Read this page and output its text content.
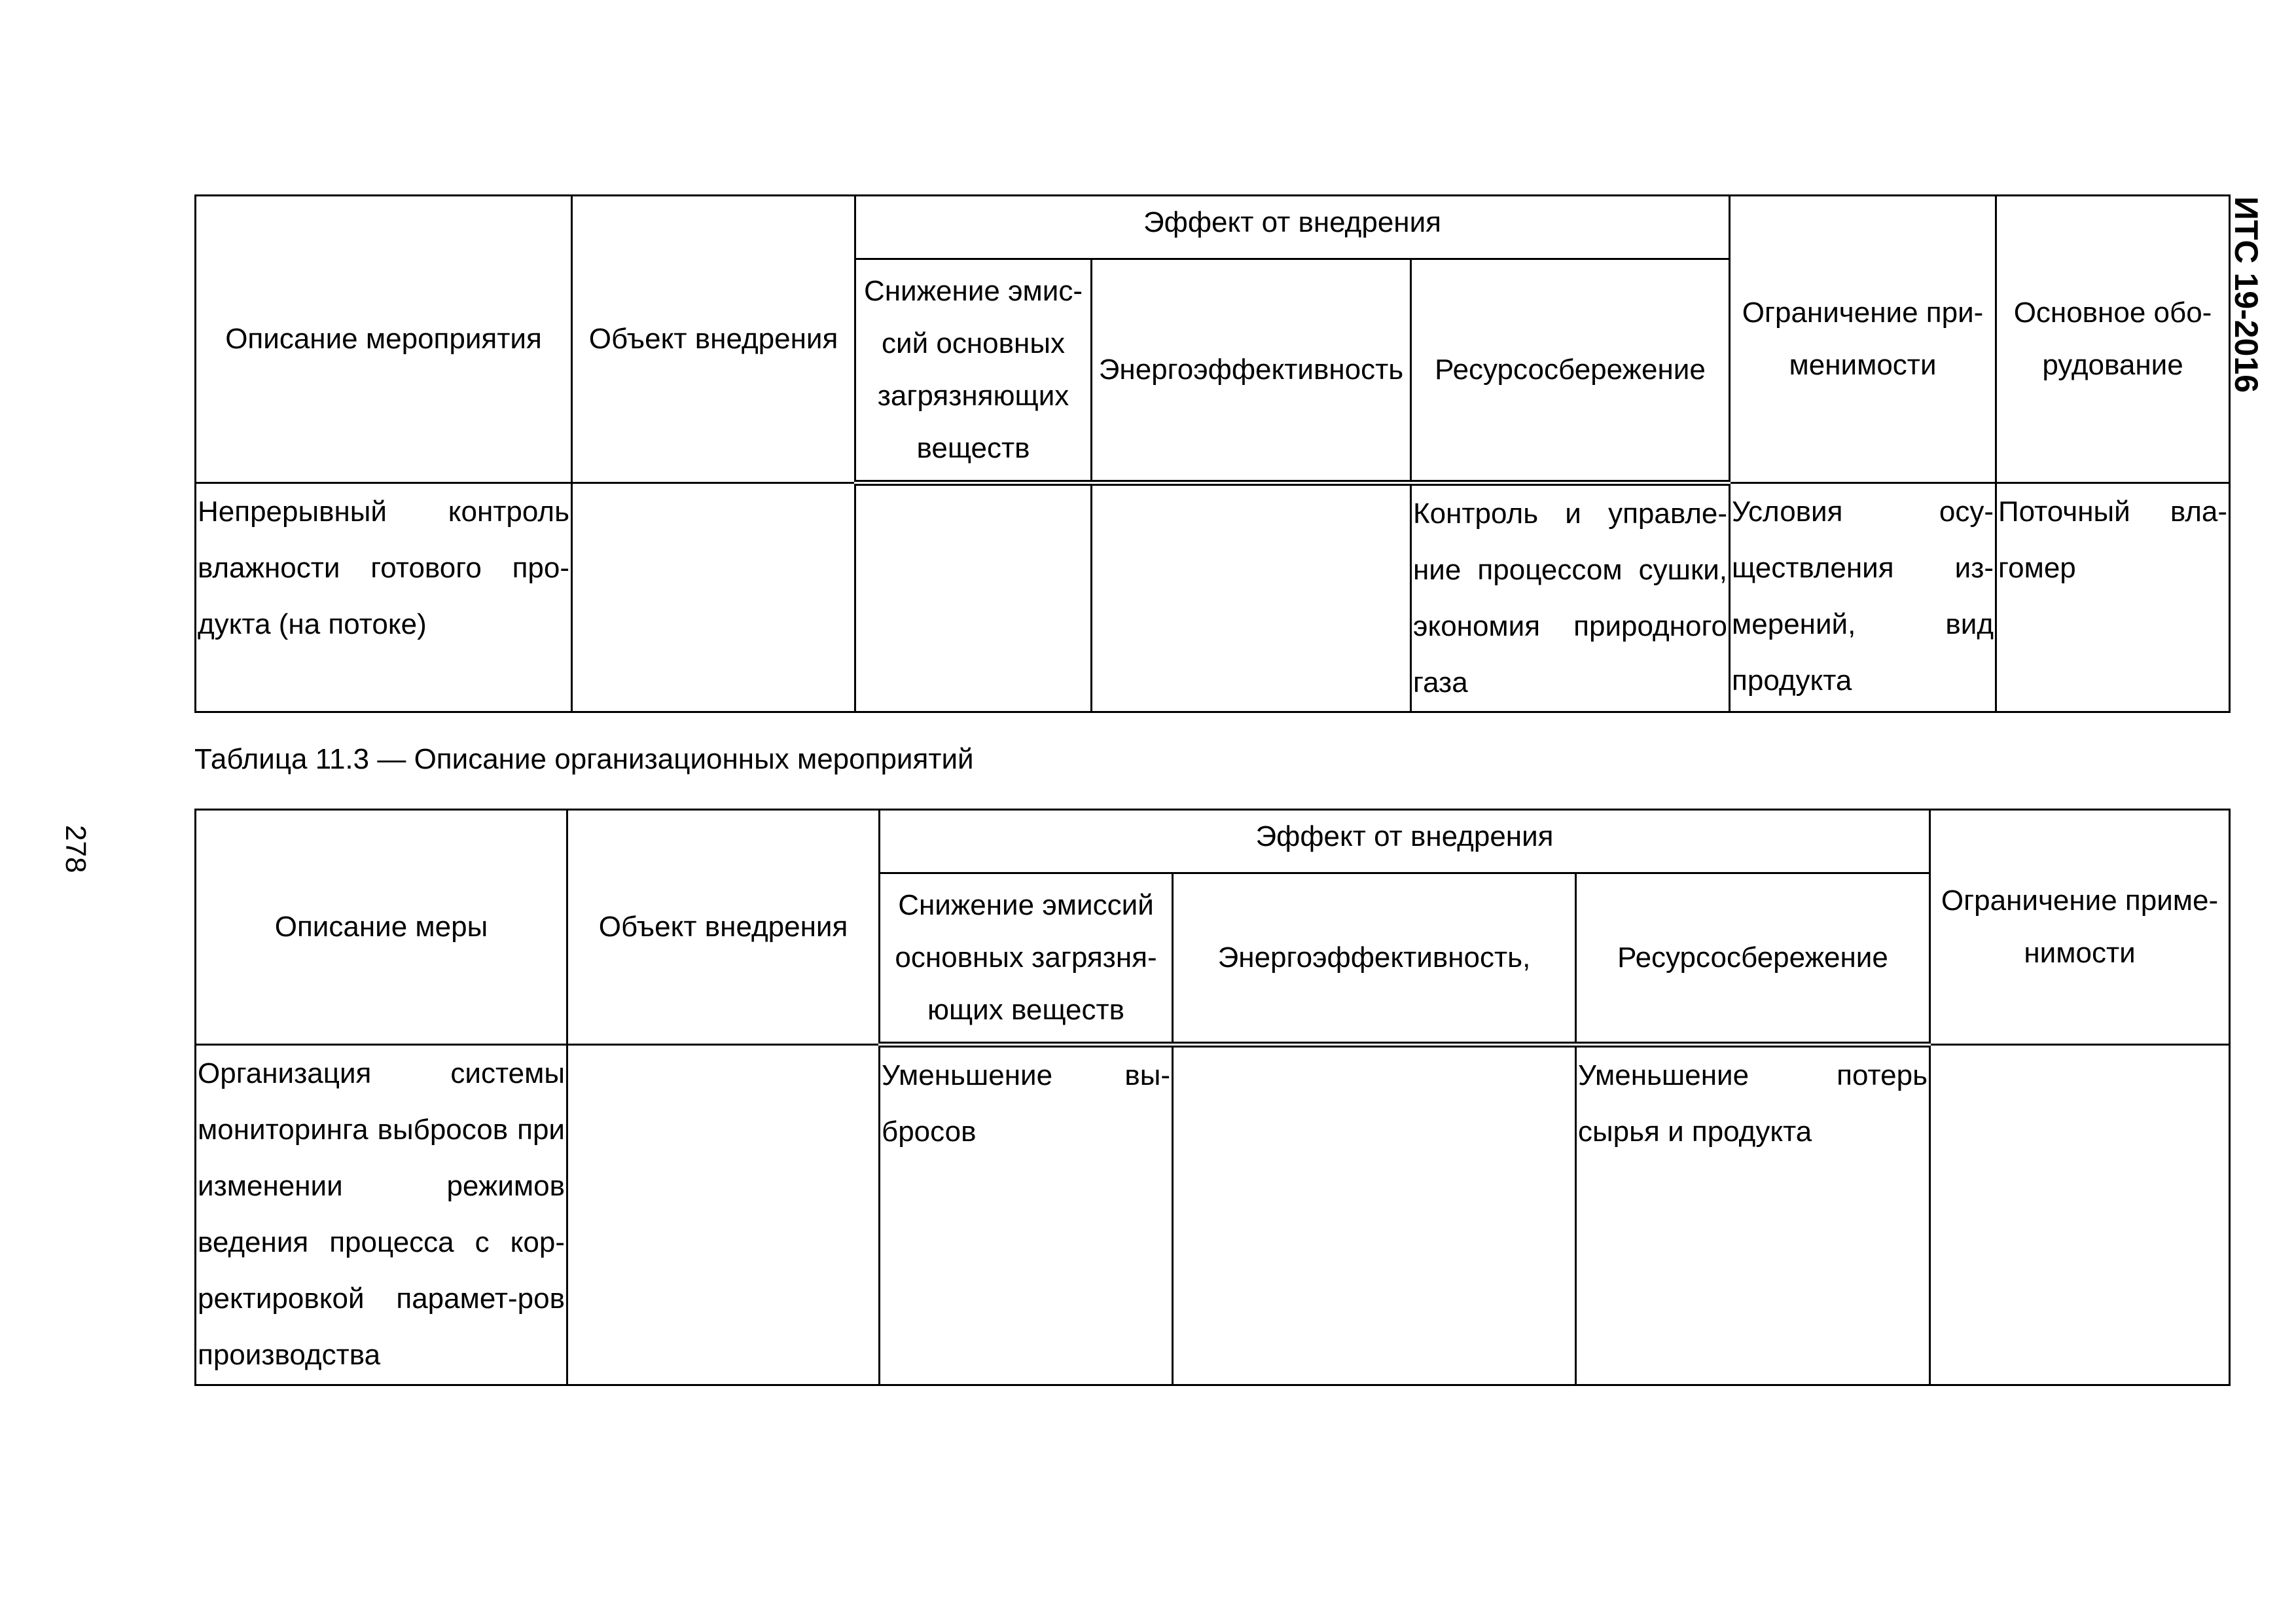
ИТС 19-2016
278
Описание мероприятия	Объект внедрения	Эффект от внедрения			Ограничение при-менимости	Основное обо-рудование
		Снижение эмис-сий основных загрязняющих веществ	Энергоэффективность	Ресурсосбережение		
Непрерывный контроль влажности готового про-дукта (на потоке)				Контроль и управле-ние процессом сушки, экономия природного газа	Условия осу-ществления из-мерений, вид продукта	Поточный вла-гомер
Таблица 11.3 — Описание организационных мероприятий
Описание меры	Объект внедрения	Эффект от внедрения			Ограничение приме-нимости
		Снижение эмиссий основных загрязня-ющих веществ	Энергоэффективность,	Ресурсосбережение	
Организация системы мониторинга выбросов при изменении режимов ведения процесса с кор-ректировкой парамет-ров производства		Уменьшение вы-бросов		Уменьшение потерь сырья и продукта	
